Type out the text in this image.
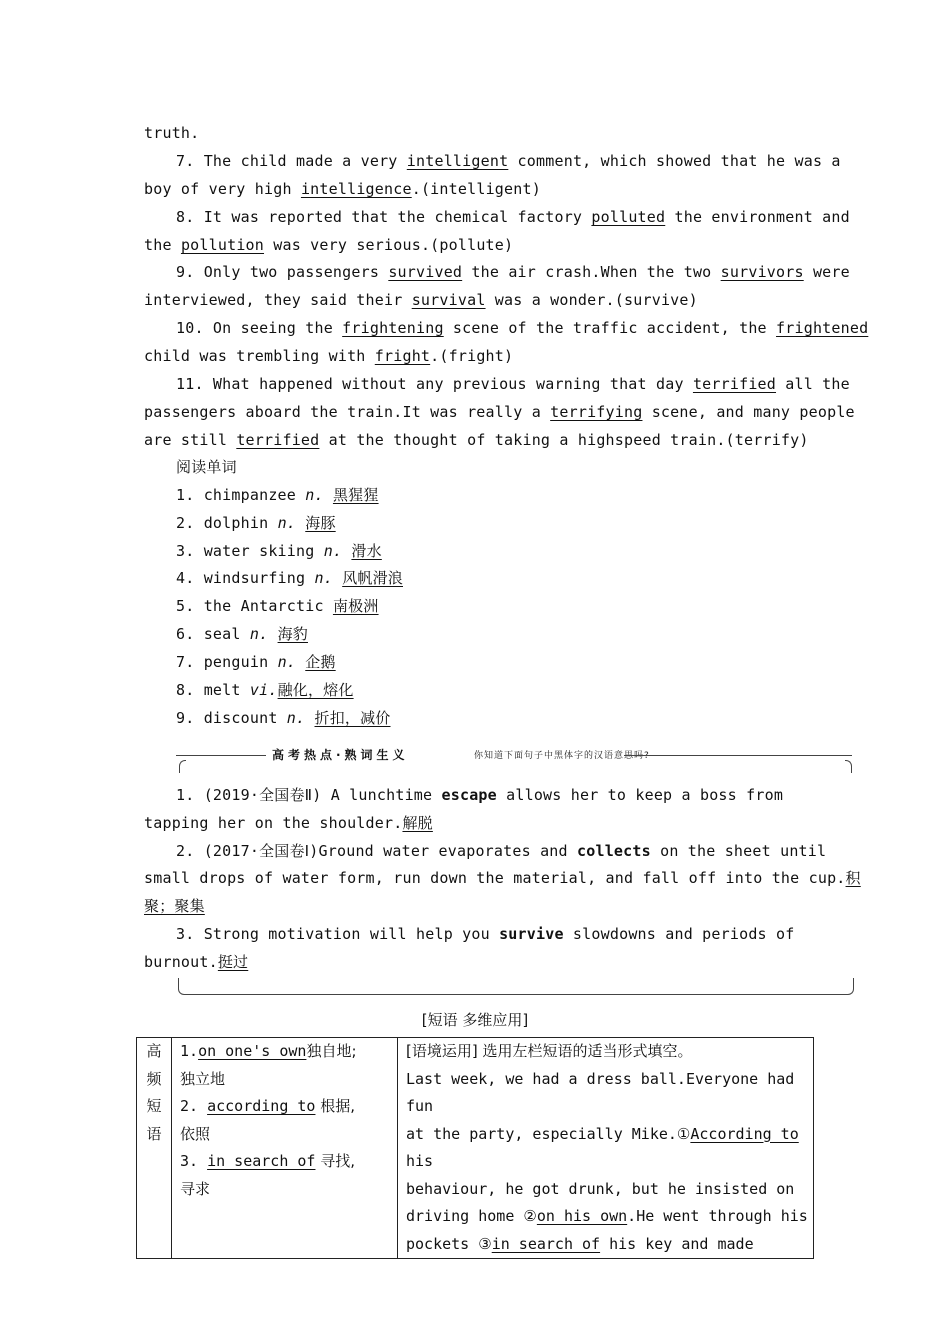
truth.
7. The child made a very intelligent comment, which showed that he was a
boy of very high intelligence.(intelligent)
8. It was reported that the chemical factory polluted the environment and
the pollution was very serious.(pollute)
9. Only two passengers survived the air crash.When the two survivors were
interviewed, they said their survival was a wonder.(survive)
10. On seeing the frightening scene of the traffic accident, the frightened
child was trembling with fright.(fright)
11. What happened without any previous warning that day terrified all the
passengers aboard the train.It was really a terrifying scene, and many people
are still terrified at the thought of taking a highspeed train.(terrify)
阅读单词
1. chimpanzee n. 黑猩猩
2. dolphin n. 海豚
3. water skiing n. 滑水
4. windsurfing n. 风帆滑浪
5. the Antarctic 南极洲
6. seal n. 海豹
7. penguin n. 企鹅
8. melt vi.融化，熔化
9. discount n. 折扣，减价
高考热点·熟词生义	你知道下面句子中黑体字的汉语意思吗?
1. (2019·全国卷Ⅱ) A lunchtime escape allows her to keep a boss from
tapping her on the shoulder.解脱
2. (2017·全国卷Ⅰ)Ground water evaporates and collects on the sheet until
small drops of water form, run down the material, and fall off into the cup.积
聚；聚集
3. Strong motivation will help you survive slowdowns and periods of
burnout.挺过
[短语 多维应用]
高
频
短
语

1.on one's own独自地;
独立地
2. according to 根据,
依照
3. in search of 寻找,
寻求

[语境运用] 选用左栏短语的适当形式填空。
Last week, we had a dress ball.Everyone had fun
at the party, especially Mike.①According to his
behaviour, he got drunk, but he insisted on
driving home ②on his own.He went through his
pockets ③in search of his key and made
